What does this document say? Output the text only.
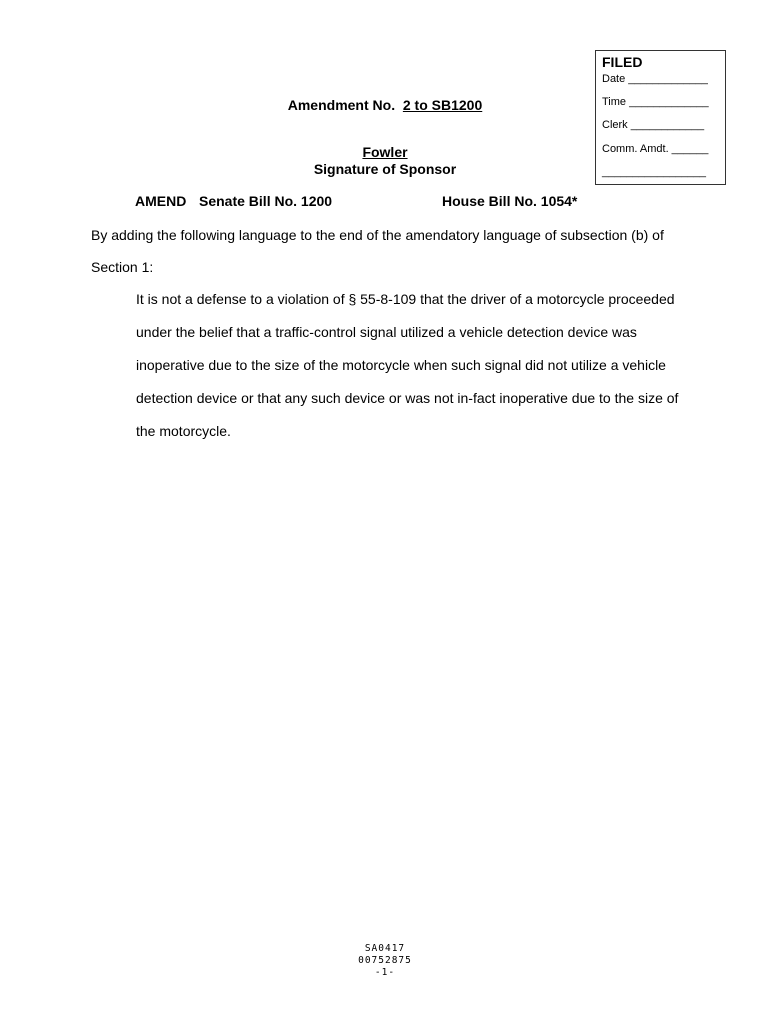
FILED
Date _____________
Time _____________
Clerk ____________
Comm. Amdt. ______
_________________
Amendment No. 2 to SB1200
Fowler
Signature of Sponsor
AMEND Senate Bill No. 1200	House Bill No. 1054*
By adding the following language to the end of the amendatory language of subsection (b) of
Section 1:
It is not a defense to a violation of § 55-8-109 that the driver of a motorcycle proceeded
under the belief that a traffic-control signal utilized a vehicle detection device was
inoperative due to the size of the motorcycle when such signal did not utilize a vehicle
detection device or that any such device or was not in-fact inoperative due to the size of
the motorcycle.
SA0417
00752875
-1-
